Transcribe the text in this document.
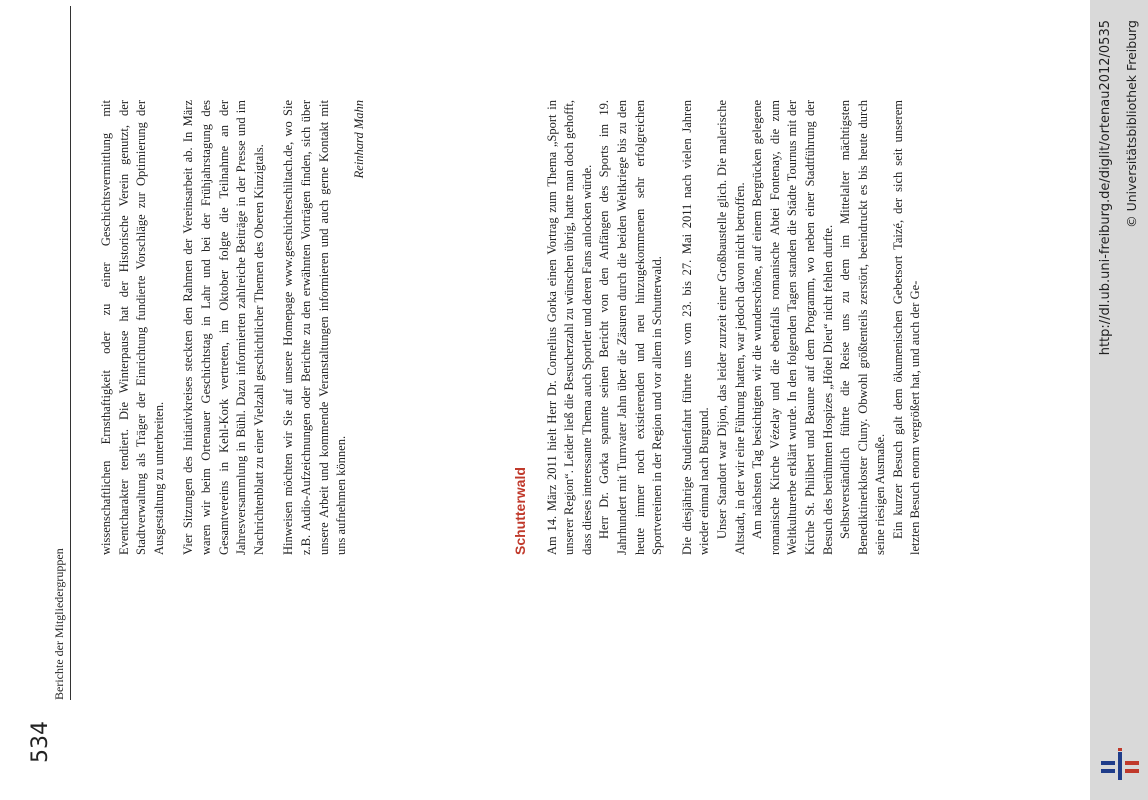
534
Berichte der Mitgliedergruppen

wissenschaftlichen Ernsthaftigkeit oder zu einer Geschichtsvermittlung mit Eventcharakter tendiert. Die Winterpause hat der Historische Verein genutzt, der Stadtverwaltung als Träger der Einrichtung fundierte Vorschläge zur Optimierung der Ausgestaltung zu unterbreiten. Vier Sitzungen des Initiativkreises steckten den Rahmen der Vereinsarbeit ab. In März waren wir beim Ortenauer Geschichtstag in Lahr und bei der Frühjahrstagung des Gesamtvereins in Kehl-Kork vertreten, im Oktober folgte die Teilnahme an der Jahresversammlung in Bühl. Dazu informierten zahlreiche Beiträge in der Presse und im Nachrichtenblatt zu einer Vielzahl geschichtlicher Themen des Oberen Kinzigtals. Hinweisen möchten wir Sie auf unsere Homepage www.geschichteschiltach.de, wo Sie z.B. Audio-Aufzeichnungen oder Berichte zu den erwähnten Vorträgen finden, sich über unsere Arbeit und kommende Veranstaltungen informieren und auch gerne Kontakt mit uns aufnehmen können.

Reinhard Mahn

Schutterwald Am 14. März 2011 hielt Herr Dr. Cornelius Gorka einen Vortrag zum Thema „Sport in unserer Region“. Leider ließ die Besucherzahl zu wünschen übrig, hatte man doch gehofft, dass dieses interessante Thema auch Sportler und deren Fans anlocken würde. Herr Dr. Gorka spannte seinen Bericht von den Anfängen des Sports im 19. Jahrhundert mit Turnvater Jahn über die Zäsuren durch die beiden Weltkriege bis zu den heute immer noch existierenden und neu hinzugekommenen sehr erfolgreichen Sportvereinen in der Region und vor allem in Schutterwald. Die diesjährige Studienfahrt führte uns vom 23. bis 27. Mai 2011 nach vielen Jahren wieder einmal nach Burgund. Unser Standort war Dijon, das leider zurzeit einer Großbaustelle glich. Die malerische Altstadt, in der wir eine Führung hatten, war jedoch davon nicht betroffen. Am nächsten Tag besichtigten wir die wunderschöne, auf einem Bergrücken gelegene romanische Kirche Vézelay und die ebenfalls romanische Abtei Fontenay, die zum Weltkulturerbe erklärt wurde. In den folgenden Tagen standen die Städte Tournus mit der Kirche St. Philibert und Beaune auf dem Programm, wo neben einer Stadtführung der Besuch des berühmten Hospizes „Hôtel Dieu“ nicht fehlen durfte. Selbstverständlich führte die Reise uns zu dem im Mittelalter mächtigsten Benediktinerkloster Cluny. Obwohl größtenteils zerstört, beeindruckt es bis heute durch seine riesigen Ausmaße. Ein kurzer Besuch galt dem ökumenischen Gebetsort Taizé, der sich seit unserem letzten Besuch enorm vergrößert hat, und auch der Ge-

http://dl.ub.uni-freiburg.de/diglit/ortenau2012/0535 © Universitätsbibliothek Freiburg
